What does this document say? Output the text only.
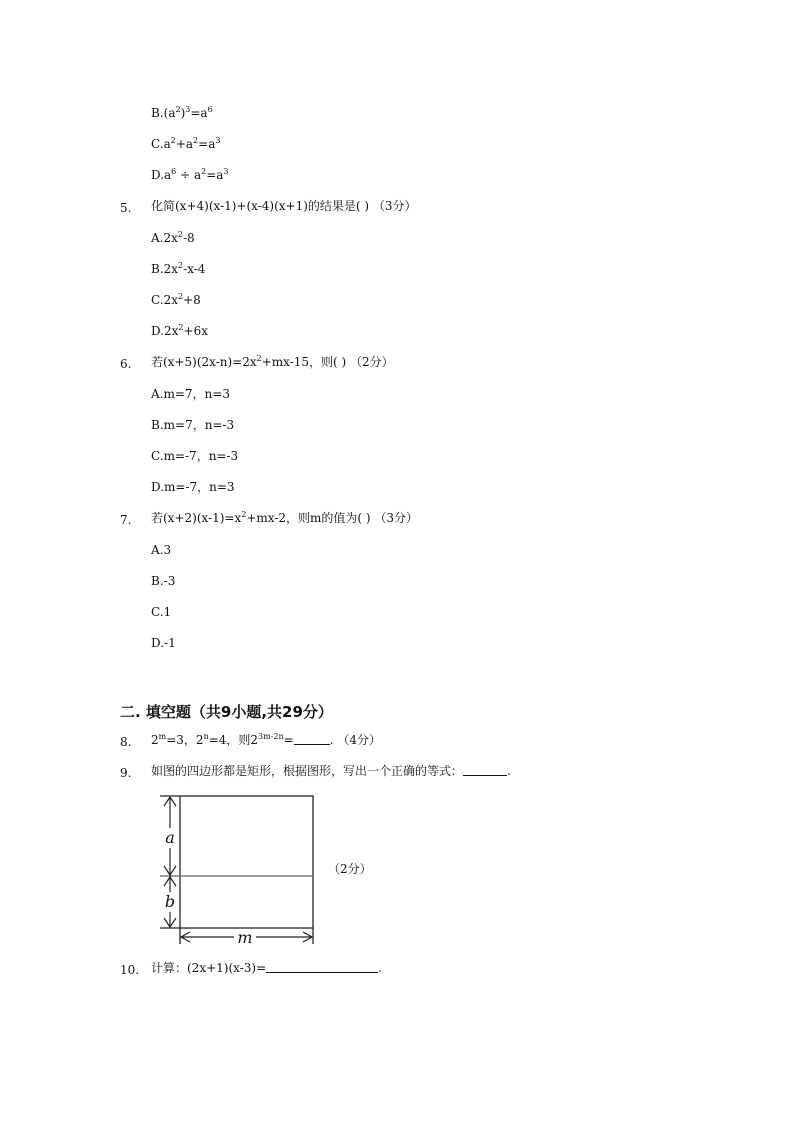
$B.(a^2)^3=a^6$
$C.a^2+a^2=a^3$
$D.a^6 \div a^2=a^3$
5. 化简(x+4)(x-1)+(x-4)(x+1)的结果是( ) （3分）
$A.2x^2-8$
$B.2x^2-x-4$
$C.2x^2+8$
$D.2x^2+6x$
6. 若$(x+5)(2x-n)=2x^2+mx-15$，则( ) （2分）
A.m=7，n=3
B.m=7，n=-3
C.m=-7，n=-3
D.m=-7，n=3
7. 若$(x+2)(x-1)=x^2+mx-2$，则m的值为( ) （3分）
A.3
B.-3
C.1
D.-1
二. 填空题（共9小题,共29分）
8. $2^m=3$，$2^n=4$，则$2^{3m-2n}=$	. （4分）
9. 如图的四边形都是矩形，根据图形，写出一个正确的等式：	.
a
b
m
（2分）
10. 计算：(2x+1)(x-3)=	.
